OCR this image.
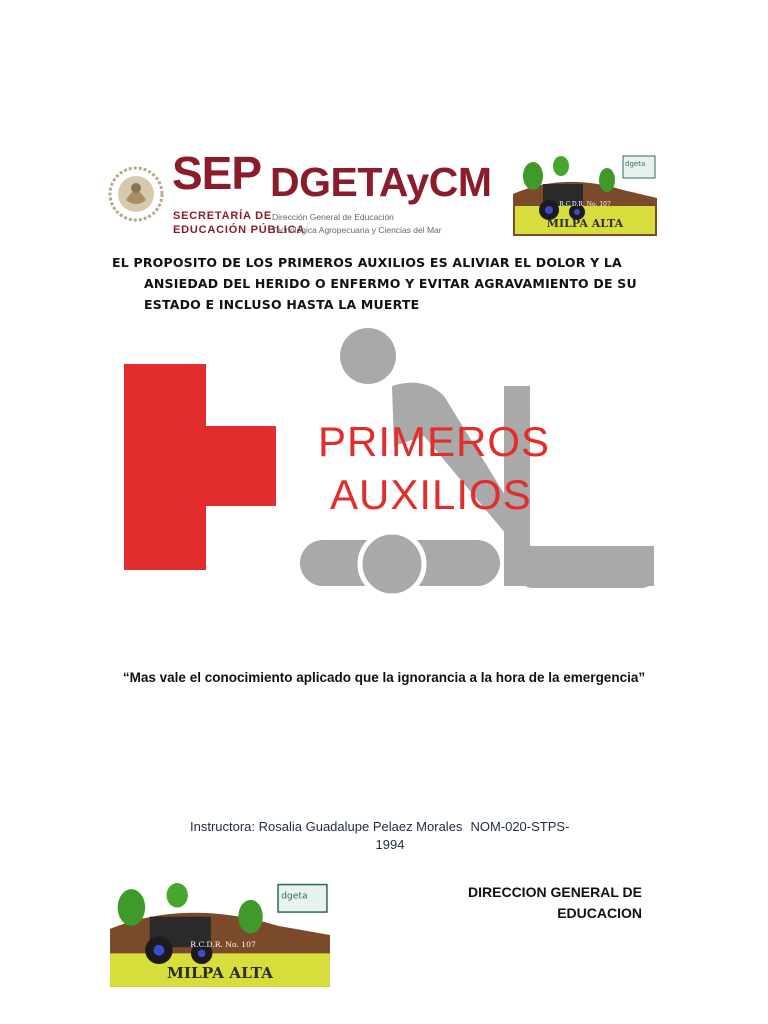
SEP
SECRETARÍA DE
EDUCACIÓN PÚBLICA
DGETAyCM
Dirección General de Educación
Tecnológica Agropecuaria y Ciencias del Mar
dgeta
R.C.D.R. No. 107
MILPA ALTA
EL PROPOSITO DE LOS PRIMEROS AUXILIOS ES ALIVIAR EL DOLOR Y LA
ANSIEDAD DEL HERIDO O ENFERMO Y EVITAR AGRAVAMIENTO DE SU
ESTADO E INCLUSO HASTA LA MUERTE
PRIMEROS
AUXILIOS
“Mas vale el conocimiento aplicado que la ignorancia a la hora de la emergencia”
Instructora: Rosalia Guadalupe Pelaez Morales NOM-020-STPS-
1994
dgeta
R.C.D.R. No. 107
MILPA ALTA
DIRECCION GENERAL DE
EDUCACION
